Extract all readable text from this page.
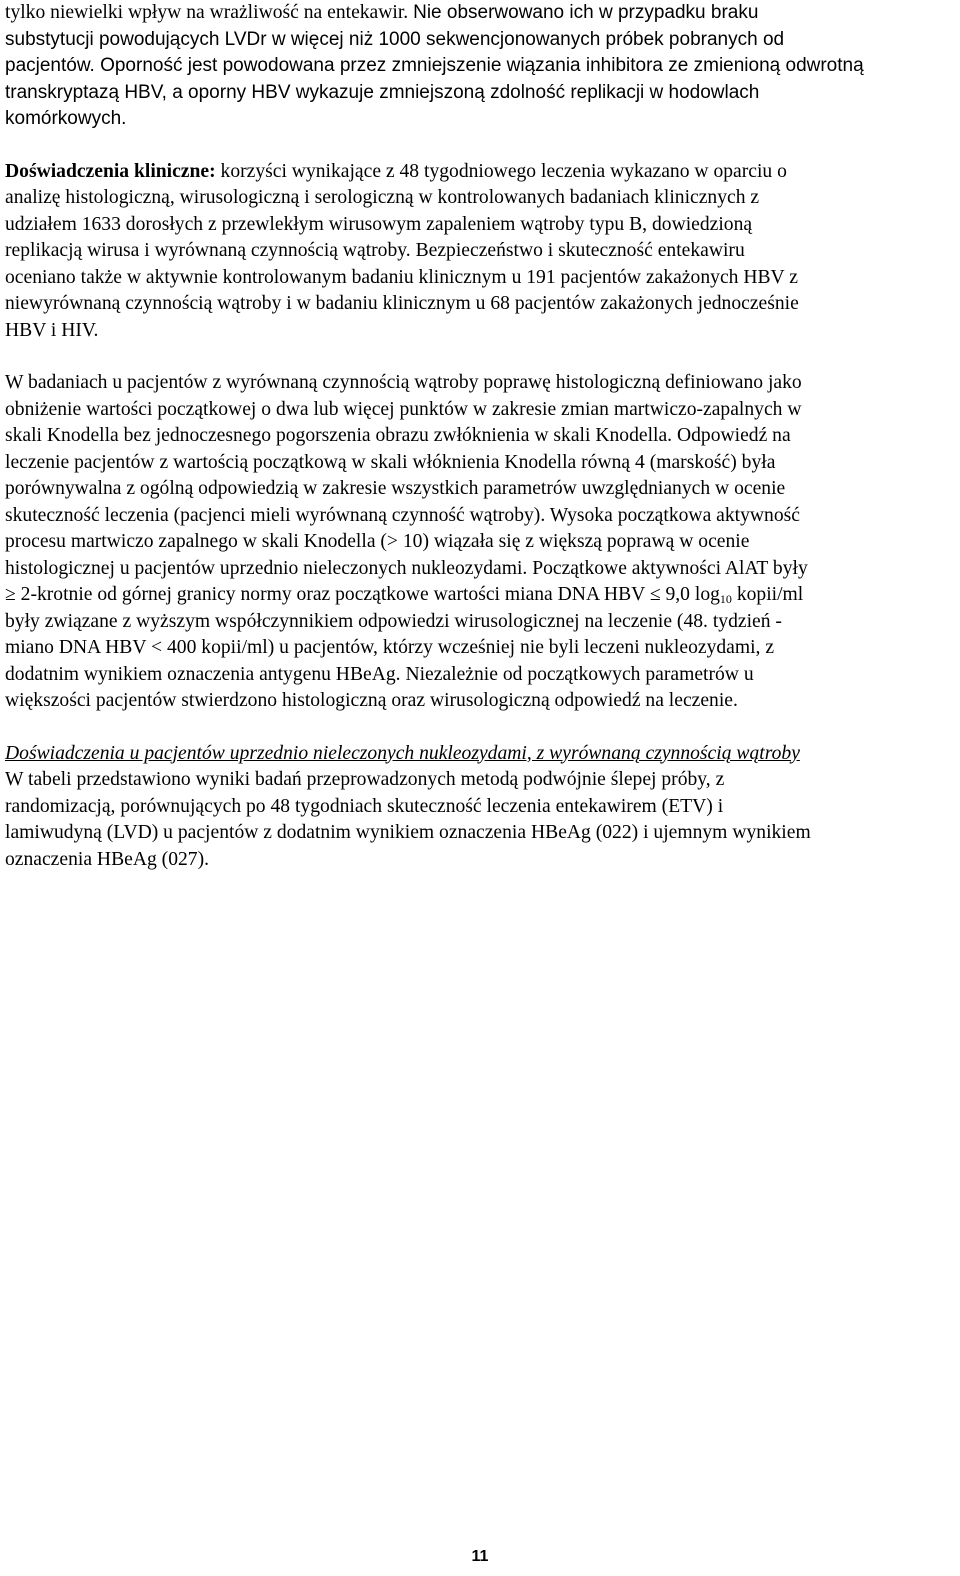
tylko niewielki wpływ na wrażliwość na entekawir. Nie obserwowano ich w przypadku braku
substytucji powodujących LVDr w więcej niż 1000 sekwencjonowanych próbek pobranych od
pacjentów. Oporność jest powodowana przez zmniejszenie wiązania inhibitora ze zmienioną odwrotną
transkryptazą HBV, a oporny HBV wykazuje zmniejszoną zdolność replikacji w hodowlach
komórkowych.

Doświadczenia kliniczne: korzyści wynikające z 48 tygodniowego leczenia wykazano w oparciu o
analizę histologiczną, wirusologiczną i serologiczną w kontrolowanych badaniach klinicznych z
udziałem 1633 dorosłych z przewlekłym wirusowym zapaleniem wątroby typu B, dowiedzioną
replikacją wirusa i wyrównaną czynnością wątroby. Bezpieczeństwo i skuteczność entekawiru
oceniano także w aktywnie kontrolowanym badaniu klinicznym u 191 pacjentów zakażonych HBV z
niewyrównaną czynnością wątroby i w badaniu klinicznym u 68 pacjentów zakażonych jednocześnie
HBV i HIV.

W badaniach u pacjentów z wyrównaną czynnością wątroby poprawę histologiczną definiowano jako
obniżenie wartości początkowej o dwa lub więcej punktów w zakresie zmian martwiczo-zapalnych w
skali Knodella bez jednoczesnego pogorszenia obrazu zwłóknienia w skali Knodella. Odpowiedź na
leczenie pacjentów z wartością początkową w skali włóknienia Knodella równą 4 (marskość) była
porównywalna z ogólną odpowiedzią w zakresie wszystkich parametrów uwzględnianych w ocenie
skuteczność leczenia (pacjenci mieli wyrównaną czynność wątroby). Wysoka początkowa aktywność
procesu martwiczo zapalnego w skali Knodella (> 10) wiązała się z większą poprawą w ocenie
histologicznej u pacjentów uprzednio nieleczonych nukleozydami. Początkowe aktywności AlAT były
≥ 2-krotnie od górnej granicy normy oraz początkowe wartości miana DNA HBV ≤ 9,0 $\log_{10}$ kopii/ml
były związane z wyższym współczynnikiem odpowiedzi wirusologicznej na leczenie (48. tydzień -
miano DNA HBV < 400 kopii/ml) u pacjentów, którzy wcześniej nie byli leczeni nukleozydami, z
dodatnim wynikiem oznaczenia antygenu HBeAg. Niezależnie od początkowych parametrów u
większości pacjentów stwierdzono histologiczną oraz wirusologiczną odpowiedź na leczenie.

Doświadczenia u pacjentów uprzednio nieleczonych nukleozydami, z wyrównaną czynnością wątroby
W tabeli przedstawiono wyniki badań przeprowadzonych metodą podwójnie ślepej próby, z
randomizacją, porównujących po 48 tygodniach skuteczność leczenia entekawirem (ETV) i
lamiwudyną (LVD) u pacjentów z dodatnim wynikiem oznaczenia HBeAg (022) i ujemnym wynikiem
oznaczenia HBeAg (027).

11
